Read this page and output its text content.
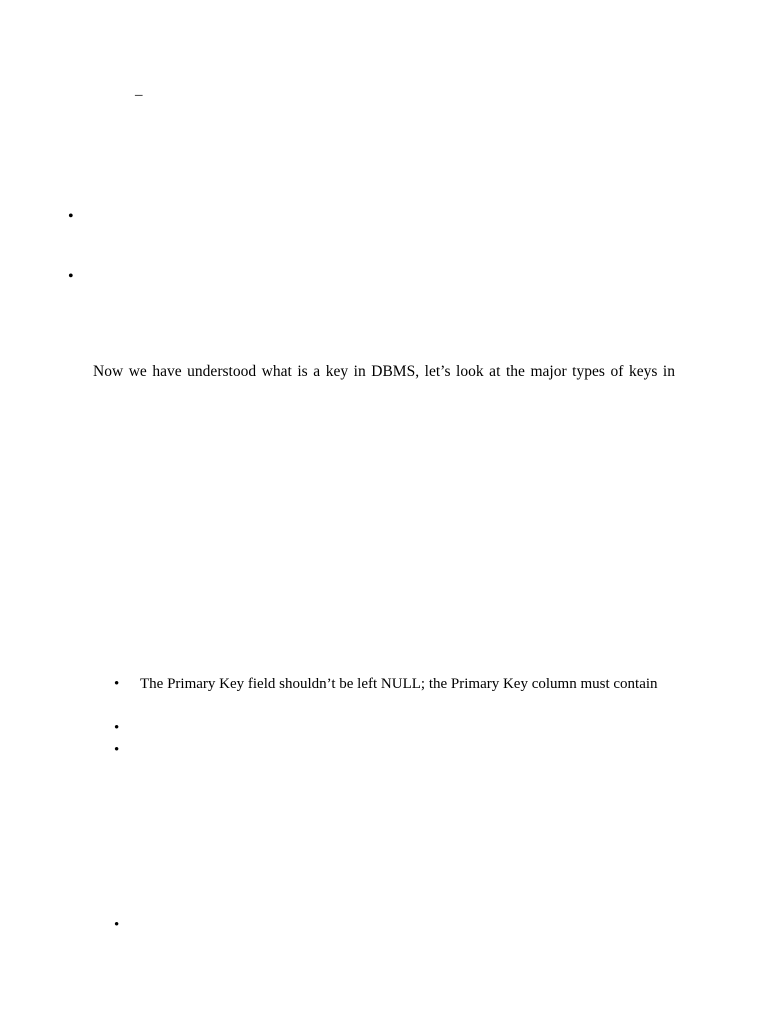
–
•
•
Now we have understood what is a key in DBMS, let’s look at the major types of keys in
• The Primary Key field shouldn’t be left NULL; the Primary Key column must contain
•
•
•
